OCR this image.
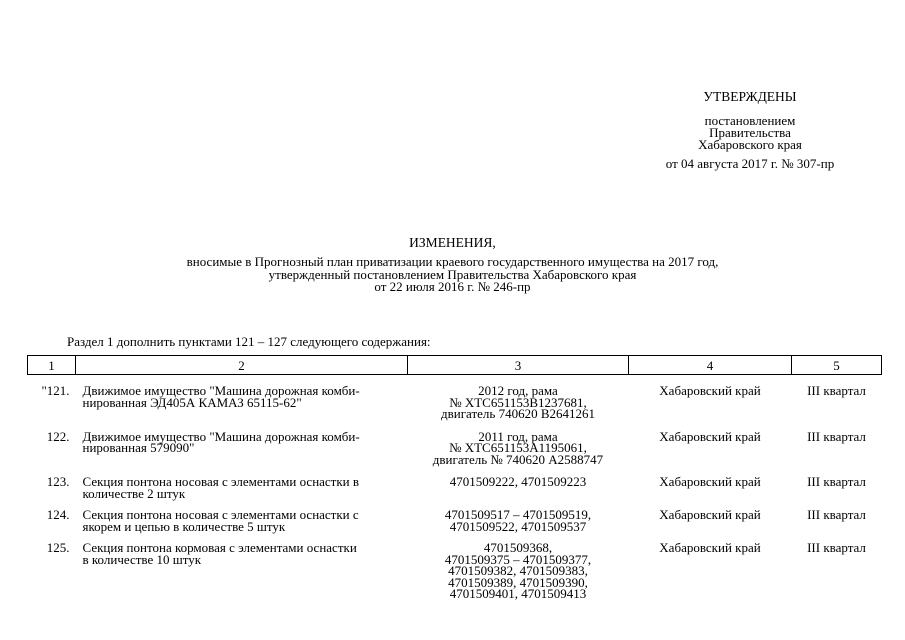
УТВЕРЖДЕНЫ
постановлением
Правительства
Хабаровского края
от 04 августа 2017 г. № 307-пр
ИЗМЕНЕНИЯ,
вносимые в Прогнозный план приватизации краевого государственного имущества на 2017 год,
утвержденный постановлением Правительства Хабаровского края
от 22 июля 2016 г. № 246-пр
Раздел 1 дополнить пунктами 121 – 127 следующего содержания:
1	2	3	4	5

"121.	Движимое имущество "Машина дорожная комби-
нированная ЭД405А КАМАЗ 65115-62"	2012 год, рама
№ XTC651153B1237681,
двигатель 740620 B2641261	Хабаровский край	III квартал
122.	Движимое имущество "Машина дорожная комби-
нированная 579090"	2011 год, рама
№ XTC651153A1195061,
двигатель № 740620 A2588747	Хабаровский край	III квартал
123.	Секция понтона носовая с элементами оснастки в
количестве 2 штук	4701509222, 4701509223	Хабаровский край	III квартал
124.	Секция понтона носовая с элементами оснастки с
якорем и цепью в количестве 5 штук	4701509517 – 4701509519,
4701509522, 4701509537	Хабаровский край	III квартал
125.	Секция понтона кормовая с элементами оснастки
в количестве 10 штук	4701509368,
4701509375 – 4701509377,
4701509382, 4701509383,
4701509389, 4701509390,
4701509401, 4701509413	Хабаровский край	III квартал
